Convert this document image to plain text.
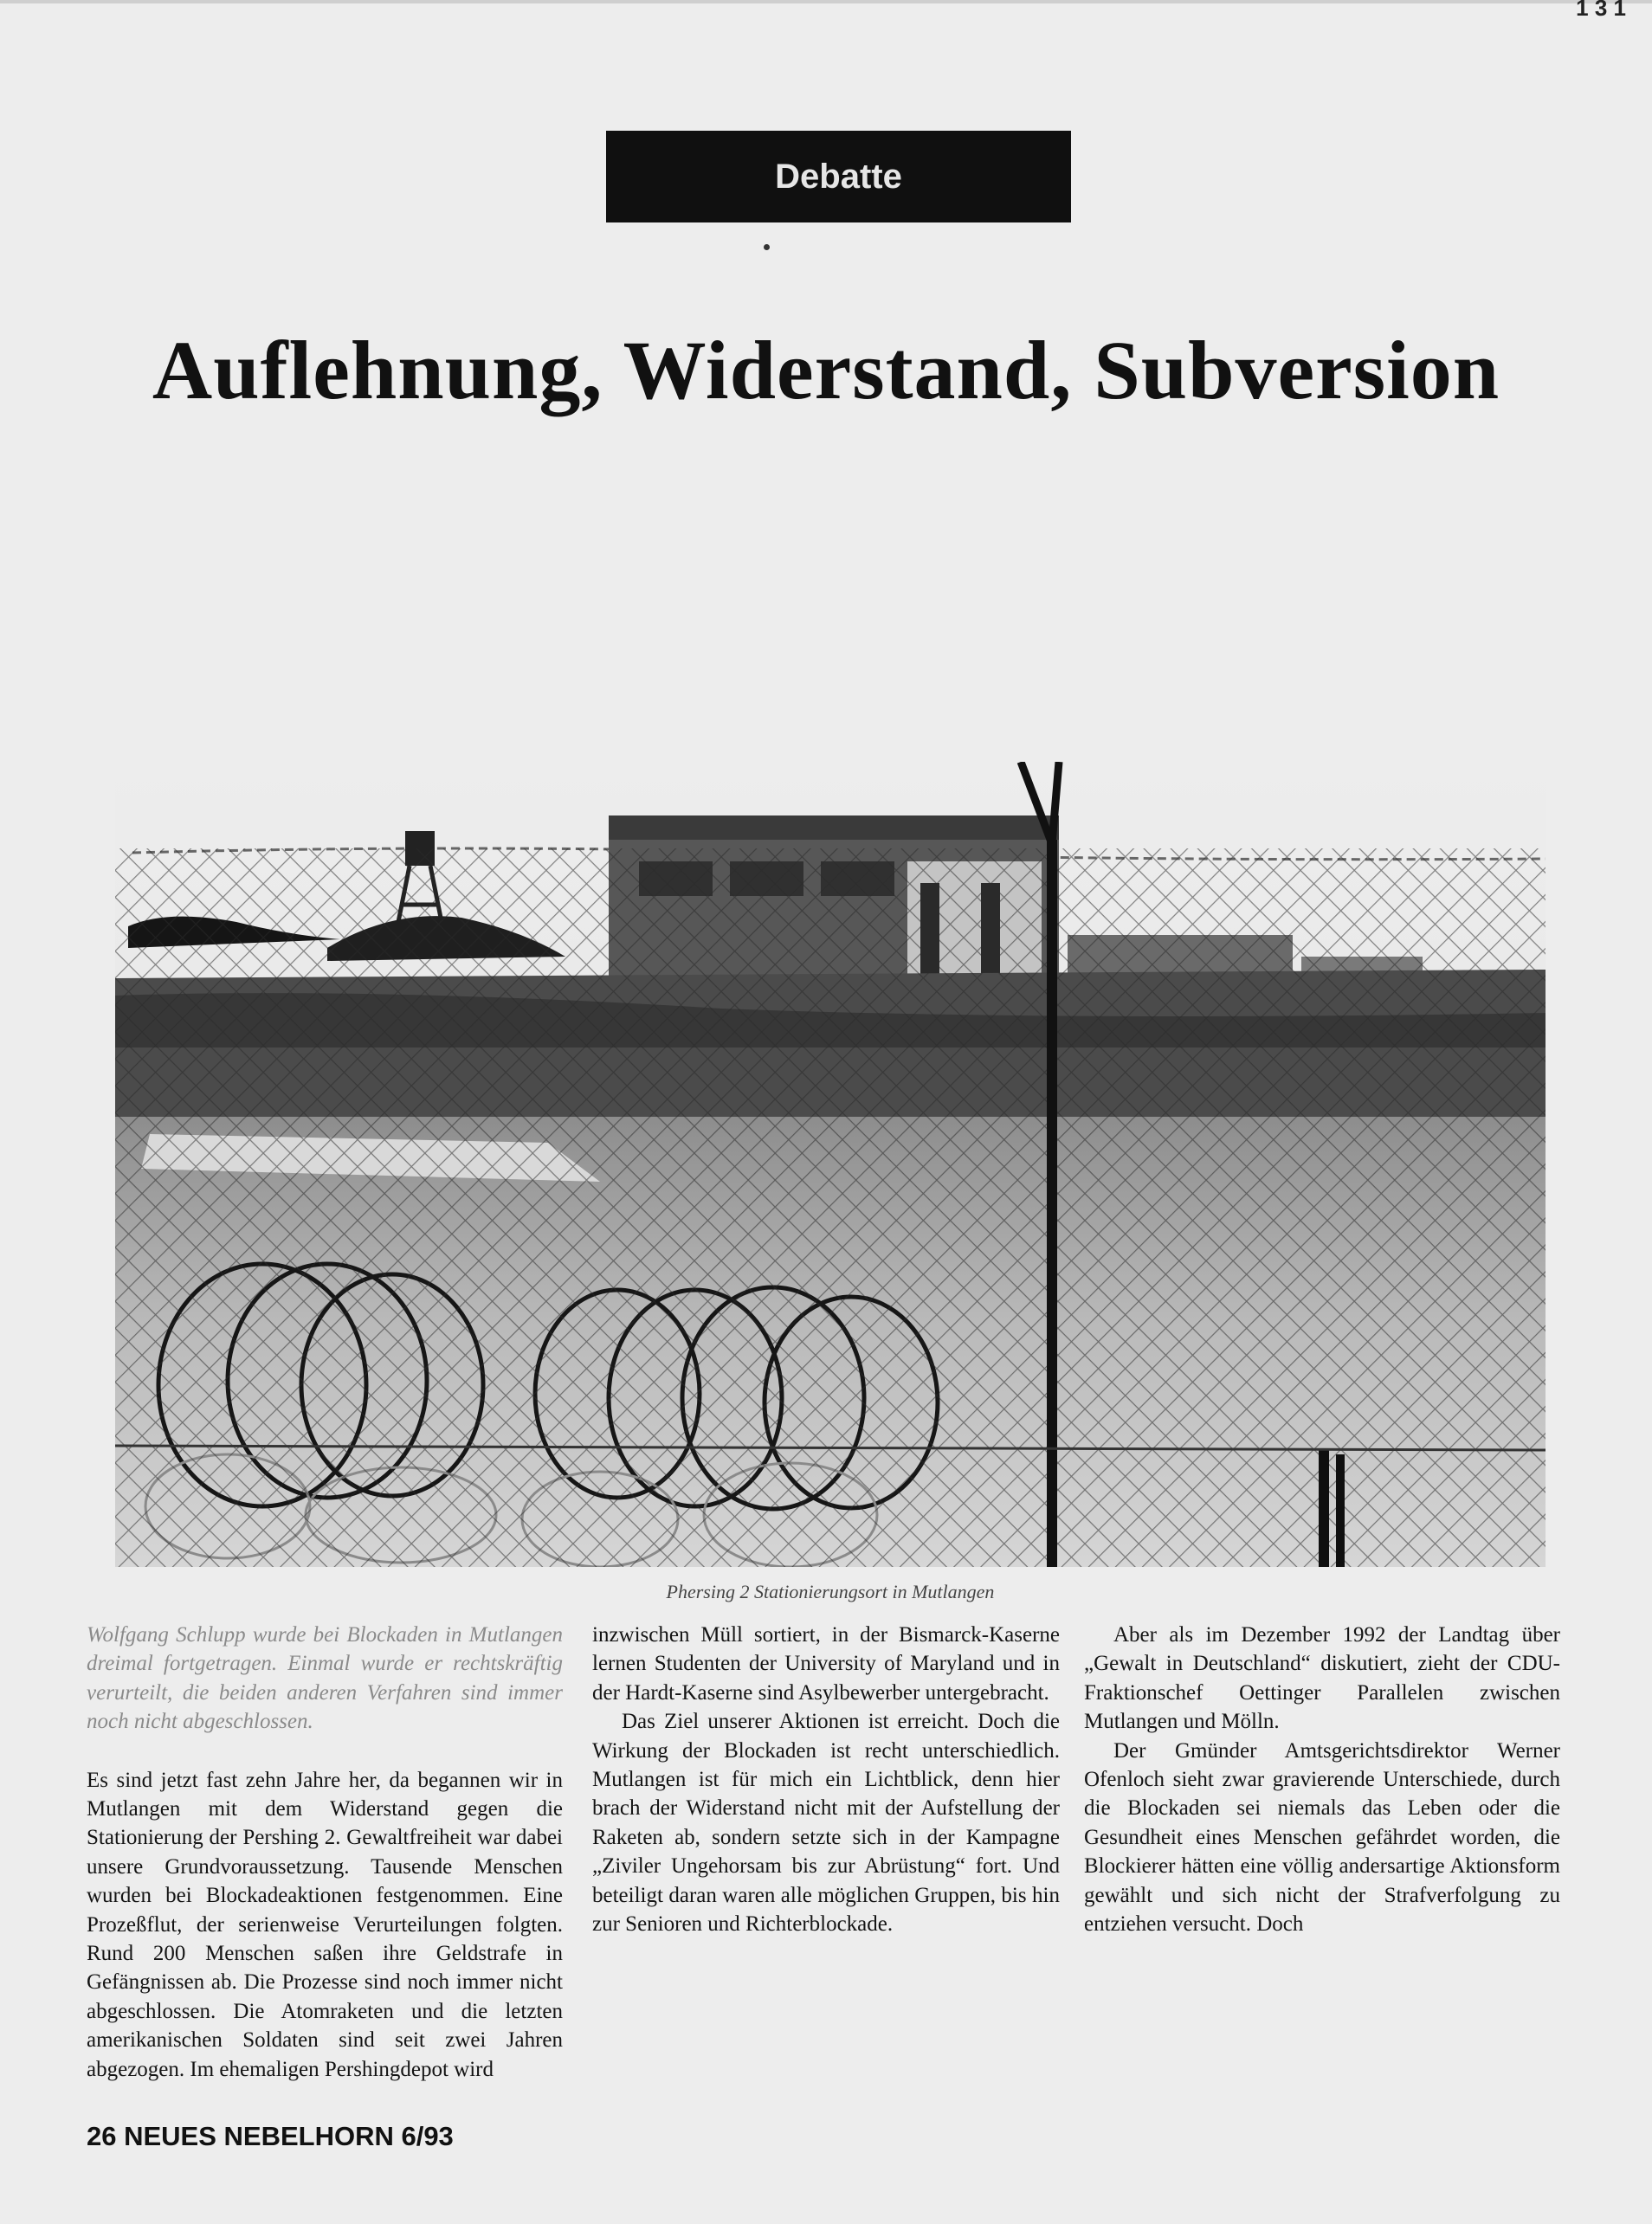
1 3 1
Debatte
Auflehnung, Widerstand, Subversion
Phersing 2 Stationierungsort in Mutlangen

Wolfgang Schlupp wurde bei Blockaden in Mutlangen dreimal fortgetragen. Einmal wurde er rechtskräftig verurteilt, die beiden anderen Verfahren sind immer noch nicht abgeschlossen.

Es sind jetzt fast zehn Jahre her, da begannen wir in Mutlangen mit dem Widerstand gegen die Stationierung der Pershing 2. Gewaltfreiheit war dabei unsere Grundvoraussetzung. Tausende Menschen wurden bei Blockadeaktionen festgenommen. Eine Prozeßflut, der serienweise Verurteilungen folgten. Rund 200 Menschen saßen ihre Geldstrafe in Gefängnissen ab. Die Prozesse sind noch immer nicht abgeschlossen. Die Atomraketen und die letzten amerikanischen Soldaten sind seit zwei Jahren abgezogen. Im ehemaligen Pershingdepot wird

inzwischen Müll sortiert, in der Bismarck-Kaserne lernen Studenten der University of Maryland und in der Hardt-Kaserne sind Asylbewerber untergebracht.

Das Ziel unserer Aktionen ist erreicht. Doch die Wirkung der Blockaden ist recht unterschiedlich. Mutlangen ist für mich ein Lichtblick, denn hier brach der Widerstand nicht mit der Aufstellung der Raketen ab, sondern setzte sich in der Kampagne „Ziviler Ungehorsam bis zur Abrüstung“ fort. Und beteiligt daran waren alle möglichen Gruppen, bis hin zur Senioren und Richterblockade.

Aber als im Dezember 1992 der Landtag über „Gewalt in Deutschland“ diskutiert, zieht der CDU-Fraktionschef Oettinger Parallelen zwischen Mutlangen und Mölln.

Der Gmünder Amtsgerichtsdirektor Werner Ofenloch sieht zwar gravierende Unterschiede, durch die Blockaden sei niemals das Leben oder die Gesundheit eines Menschen gefährdet worden, die Blockierer hätten eine völlig andersartige Aktionsform gewählt und sich nicht der Strafverfolgung zu entziehen versucht. Doch

26 NEUES NEBELHORN 6/93
